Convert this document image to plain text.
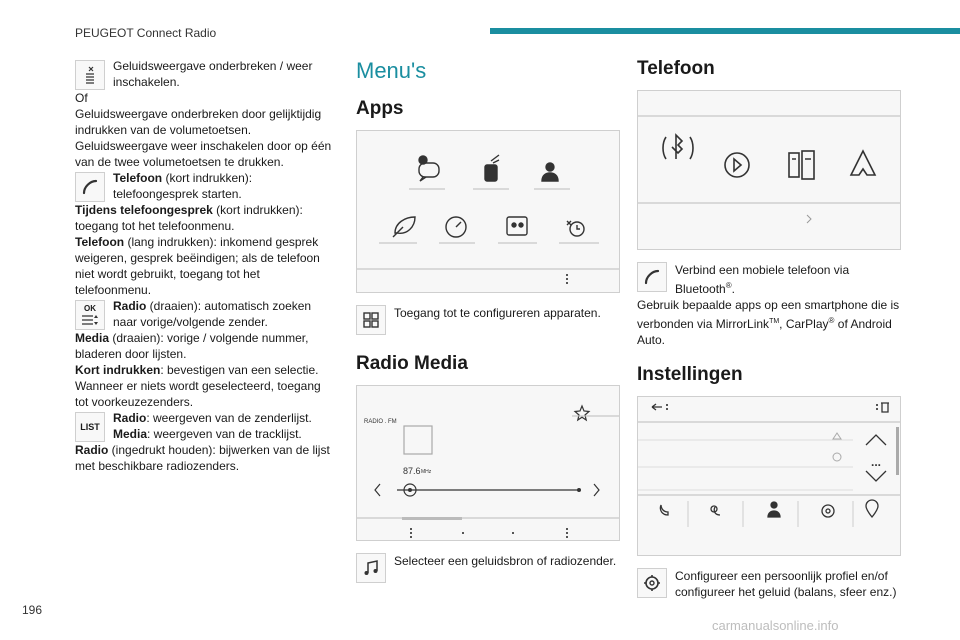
PEUGEOT Connect Radio
196
carmanualsonline.info
Geluidsweergave onderbreken / weer inschakelen.
Of
Geluidsweergave onderbreken door gelijktijdig indrukken van de volumetoetsen.
Geluidsweergave weer inschakelen door op één van de twee volumetoetsen te drukken.
Telefoon (kort indrukken): telefoongesprek starten.
Tijdens telefoongesprek (kort indrukken): toegang tot het telefoonmenu.
Telefoon (lang indrukken): inkomend gesprek weigeren, gesprek beëindigen; als de telefoon niet wordt gebruikt, toegang tot het telefoonmenu.
OK Radio (draaien): automatisch zoeken naar vorige/volgende zender.
Media (draaien): vorige / volgende nummer, bladeren door lijsten.
Kort indrukken: bevestigen van een selectie. Wanneer er niets wordt geselecteerd, toegang tot voorkeuzezenders.
LIST
Radio: weergeven van de zenderlijst.
Media: weergeven van de tracklijst.
Radio (ingedrukt houden): bijwerken van de lijst met beschikbare radiozenders.
Menu's
Apps
Toegang tot te configureren apparaten.
Radio Media
RADIO . FM
87.6 MHz
Selecteer een geluidsbron of radiozender.
Telefoon
Verbind een mobiele telefoon via Bluetooth®.
Gebruik bepaalde apps op een smartphone die is verbonden via MirrorLink™, CarPlay® of Android Auto.
Instellingen
...
Configureer een persoonlijk profiel en/of configureer het geluid (balans, sfeer enz.)
